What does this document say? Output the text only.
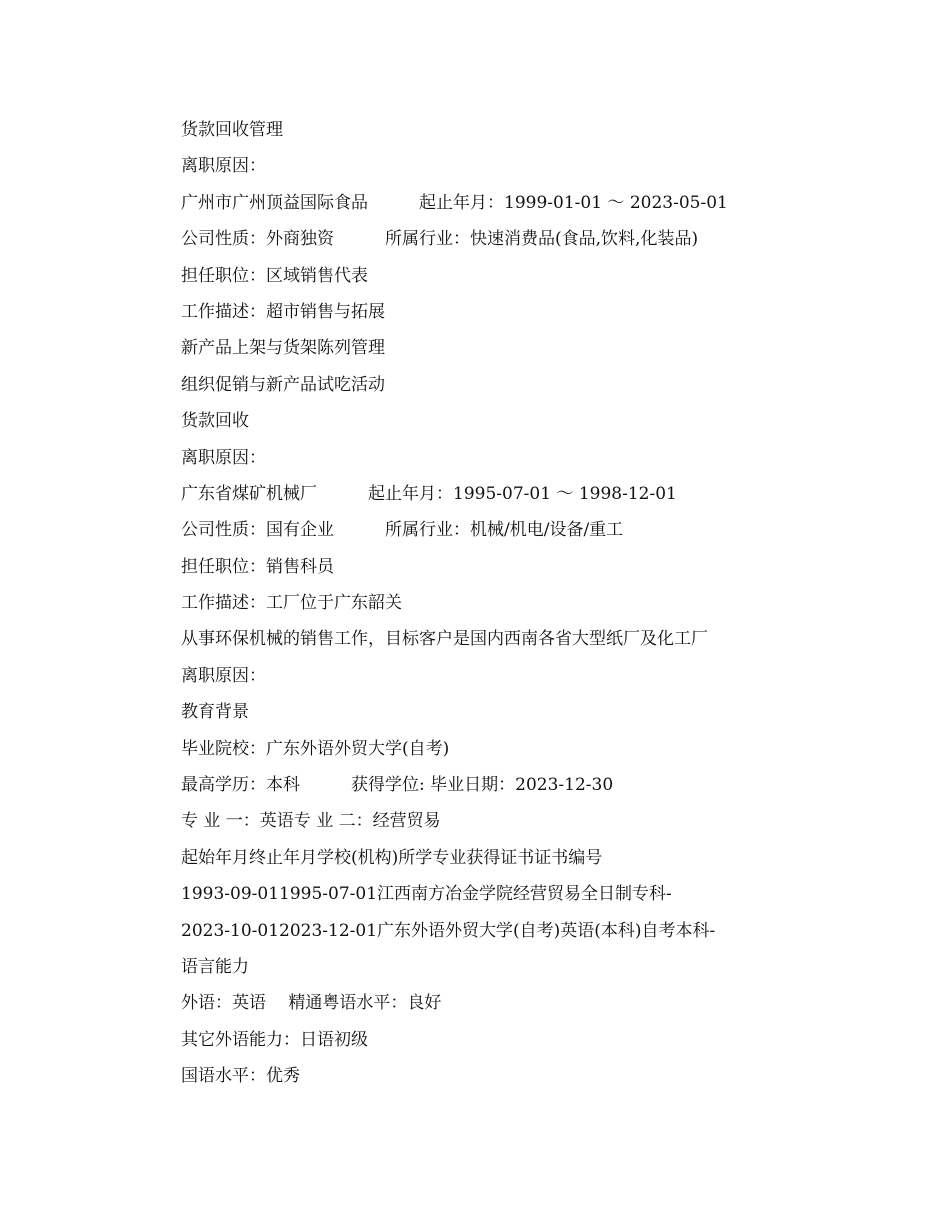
货款回收管理
离职原因：
广州市广州顶益国际食品　　　起止年月：1999-01-01 ～ 2023-05-01
公司性质：外商独资　　　所属行业：快速消费品(食品,饮料,化装品)
担任职位：区域销售代表
工作描述：超市销售与拓展
新产品上架与货架陈列管理
组织促销与新产品试吃活动
货款回收
离职原因：
广东省煤矿机械厂　　　起止年月：1995-07-01 ～ 1998-12-01
公司性质：国有企业　　　所属行业：机械/机电/设备/重工
担任职位：销售科员
工作描述：工厂位于广东韶关
从事环保机械的销售工作，目标客户是国内西南各省大型纸厂及化工厂
离职原因：
教育背景
毕业院校：广东外语外贸大学(自考)
最高学历：本科　　　获得学位: 毕业日期：2023-12-30
专 业 一：英语专 业 二：经营贸易
起始年月终止年月学校(机构)所学专业获得证书证书编号
1993-09-011995-07-01江西南方冶金学院经营贸易全日制专科-
2023-10-012023-12-01广东外语外贸大学(自考)英语(本科)自考本科-
语言能力
外语：英语　 精通粤语水平：良好
其它外语能力：日语初级
国语水平：优秀
